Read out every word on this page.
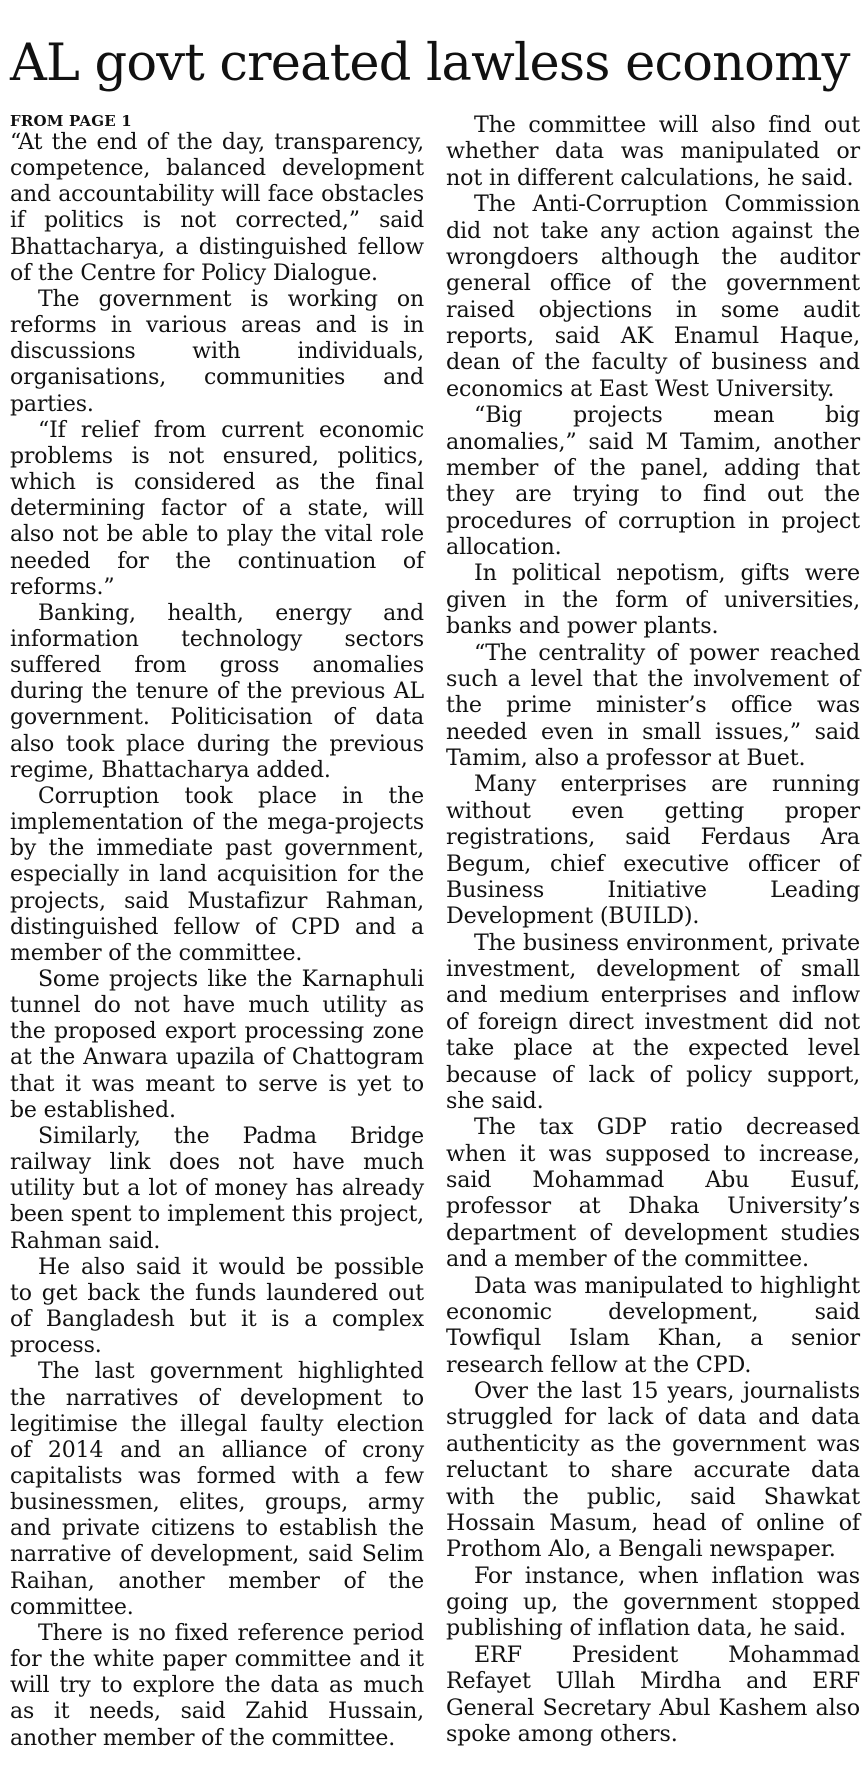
AL govt created lawless economy
FROM PAGE 1

“At the end of the day, transparency, competence, balanced development and accountability will face obstacles if politics is not corrected,” said Bhattacharya, a distinguished fellow of the Centre for Policy Dialogue.

The government is working on reforms in various areas and is in discussions with individuals, organisations, communities and parties.

“If relief from current economic problems is not ensured, politics, which is considered as the final determining factor of a state, will also not be able to play the vital role needed for the continuation of reforms.”

Banking, health, energy and information technology sectors suffered from gross anomalies during the tenure of the previous AL government. Politicisation of data also took place during the previous regime, Bhattacharya added.

Corruption took place in the implementation of the mega-projects by the immediate past government, especially in land acquisition for the projects, said Mustafizur Rahman, distinguished fellow of CPD and a member of the committee.

Some projects like the Karnaphuli tunnel do not have much utility as the proposed export processing zone at the Anwara upazila of Chattogram that it was meant to serve is yet to be established.

Similarly, the Padma Bridge railway link does not have much utility but a lot of money has already been spent to implement this project, Rahman said.

He also said it would be possible to get back the funds laundered out of Bangladesh but it is a complex process.

The last government highlighted the narratives of development to legitimise the illegal faulty election of 2014 and an alliance of crony capitalists was formed with a few businessmen, elites, groups, army and private citizens to establish the narrative of development, said Selim Raihan, another member of the committee.

There is no fixed reference period for the white paper committee and it will try to explore the data as much as it needs, said Zahid Hussain, another member of the committee.

The committee will also find out whether data was manipulated or not in different calculations, he said.

The Anti-Corruption Commission did not take any action against the wrongdoers although the auditor general office of the government raised objections in some audit reports, said AK Enamul Haque, dean of the faculty of business and economics at East West University.

“Big projects mean big anomalies,” said M Tamim, another member of the panel, adding that they are trying to find out the procedures of corruption in project allocation.

In political nepotism, gifts were given in the form of universities, banks and power plants.

“The centrality of power reached such a level that the involvement of the prime minister’s office was needed even in small issues,” said Tamim, also a professor at Buet.

Many enterprises are running without even getting proper registrations, said Ferdaus Ara Begum, chief executive officer of Business Initiative Leading Development (BUILD).

The business environment, private investment, development of small and medium enterprises and inflow of foreign direct investment did not take place at the expected level because of lack of policy support, she said.

The tax GDP ratio decreased when it was supposed to increase, said Mohammad Abu Eusuf, professor at Dhaka University’s department of development studies and a member of the committee.

Data was manipulated to highlight economic development, said Towfiqul Islam Khan, a senior research fellow at the CPD.

Over the last 15 years, journalists struggled for lack of data and data authenticity as the government was reluctant to share accurate data with the public, said Shawkat Hossain Masum, head of online of Prothom Alo, a Bengali newspaper.

For instance, when inflation was going up, the government stopped publishing of inflation data, he said.

ERF President Mohammad Refayet Ullah Mirdha and ERF General Secretary Abul Kashem also spoke among others.
